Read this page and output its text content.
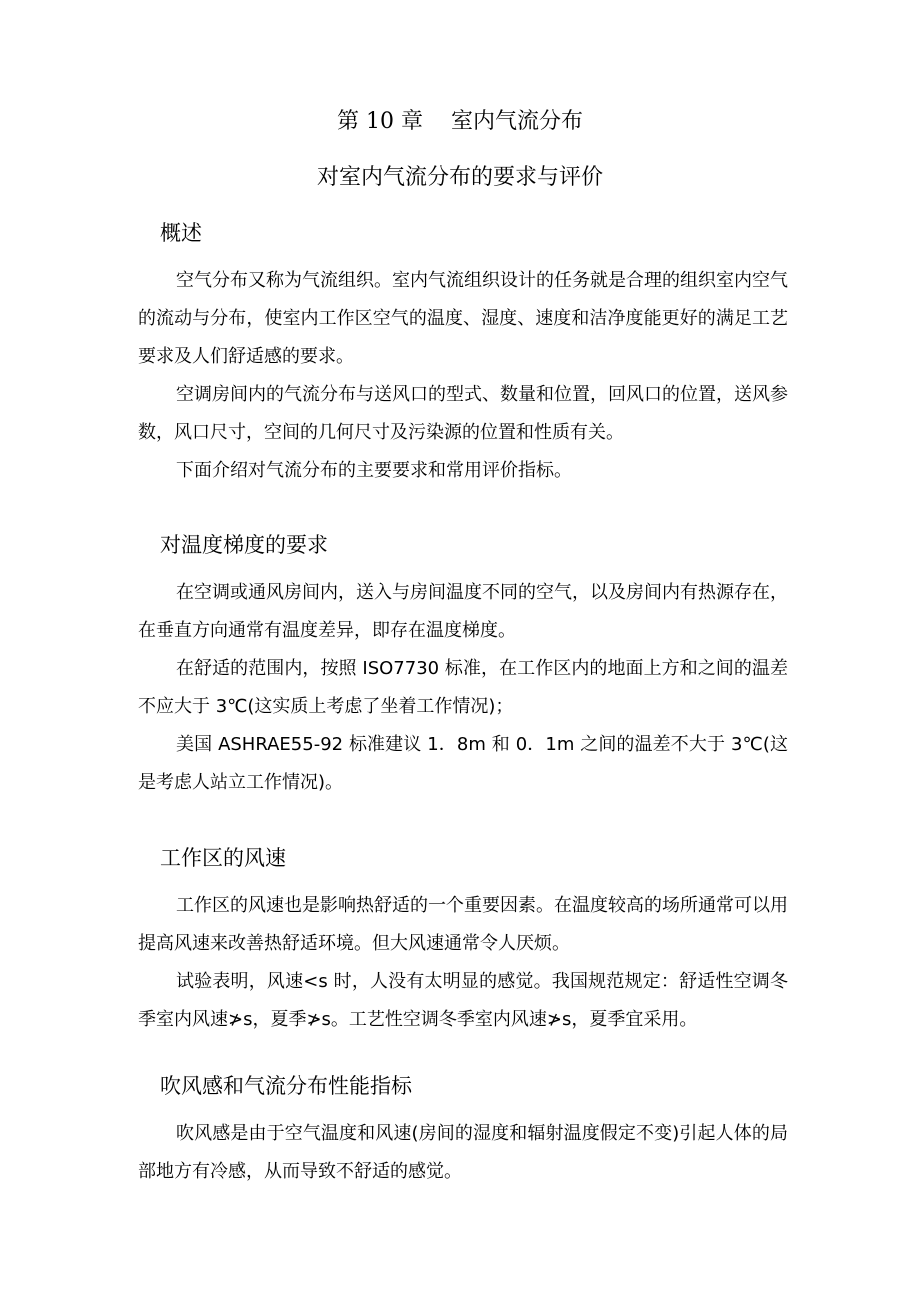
第 10 章    室内气流分布
对室内气流分布的要求与评价
概述

空气分布又称为气流组织。室内气流组织设计的任务就是合理的组织室内空气的流动与分布，使室内工作区空气的温度、湿度、速度和洁净度能更好的满足工艺要求及人们舒适感的要求。

空调房间内的气流分布与送风口的型式、数量和位置，回风口的位置，送风参数，风口尺寸，空间的几何尺寸及污染源的位置和性质有关。

下面介绍对气流分布的主要要求和常用评价指标。

对温度梯度的要求

在空调或通风房间内，送入与房间温度不同的空气，以及房间内有热源存在，在垂直方向通常有温度差异，即存在温度梯度。

在舒适的范围内，按照 ISO7730 标准，在工作区内的地面上方和之间的温差不应大于 3℃(这实质上考虑了坐着工作情况)；

美国 ASHRAE55-92 标准建议 1．8m 和 0．1m 之间的温差不大于 3℃(这是考虑人站立工作情况)。

工作区的风速

工作区的风速也是影响热舒适的一个重要因素。在温度较高的场所通常可以用提高风速来改善热舒适环境。但大风速通常令人厌烦。

试验表明，风速<s 时，人没有太明显的感觉。我国规范规定：舒适性空调冬季室内风速≯s，夏季≯s。工艺性空调冬季室内风速≯s，夏季宜采用。

吹风感和气流分布性能指标

吹风感是由于空气温度和风速(房间的湿度和辐射温度假定不变)引起人体的局部地方有冷感，从而导致不舒适的感觉。
